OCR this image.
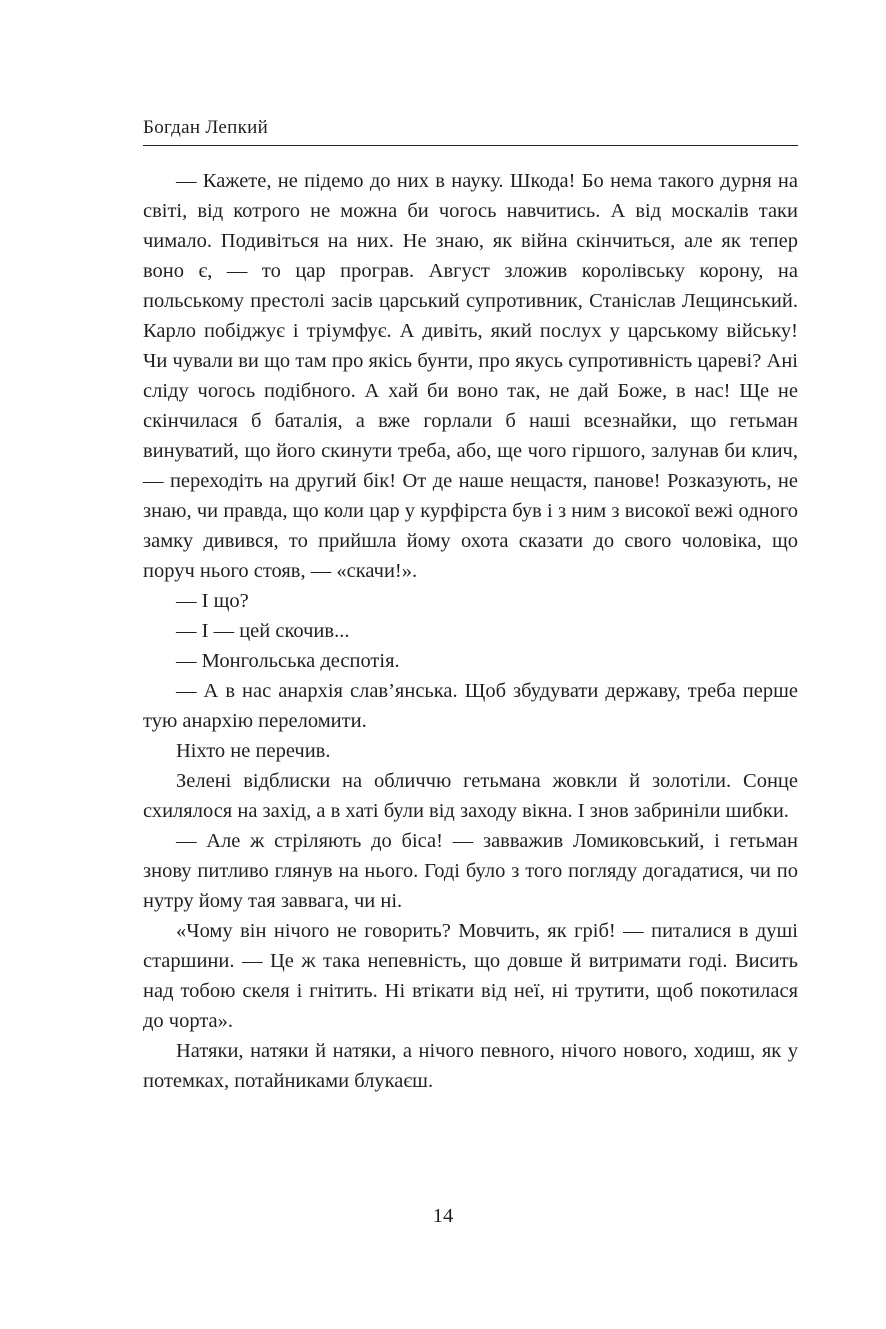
Богдан Лепкий

— Кажете, не підемо до них в науку. Шкода! Бо нема такого дурня на світі, від котрого не можна би чогось навчитись. А від москалів таки чимало. Подивіться на них. Не знаю, як війна скінчиться, але як тепер воно є, — то цар програв. Август зложив королівську корону, на польському престолі засів царський супротивник, Станіслав Лещинський. Карло побіджує і тріумфує. А дивіть, який послух у царському війську! Чи чували ви що там про якісь бунти, про якусь супротивність цареві? Ані сліду чогось подібного. А хай би воно так, не дай Боже, в нас! Ще не скінчилася б баталія, а вже горлали б наші всезнайки, що гетьман винуватий, що його скинути треба, або, ще чого гіршого, залунав би клич, — переходіть на другий бік! От де наше нещастя, панове! Розказують, не знаю, чи правда, що коли цар у курфірста був і з ним з високої вежі одного замку дивився, то прийшла йому охота сказати до свого чоловіка, що поруч нього стояв, — «скачи!».

— І що?

— І — цей скочив...

— Монгольська деспотія.

— А в нас анархія слав’янська. Щоб збудувати державу, треба перше тую анархію переломити.

Ніхто не перечив.

Зелені відблиски на обличчю гетьмана жовкли й золотіли. Сонце схилялося на захід, а в хаті були від заходу вікна. І знов забриніли шибки.

— Але ж стріляють до біса! — завважив Ломиковський, і гетьман знову питливо глянув на нього. Годі було з того погляду догадатися, чи по нутру йому тая заввага, чи ні.

«Чому він нічого не говорить? Мовчить, як гріб! — питалися в душі старшини. — Це ж така непевність, що довше й витримати годі. Висить над тобою скеля і гнітить. Ні втікати від неї, ні трутити, щоб покотилася до чорта».

Натяки, натяки й натяки, а нічого певного, нічого нового, ходиш, як у потемках, потайниками блукаєш.

14
